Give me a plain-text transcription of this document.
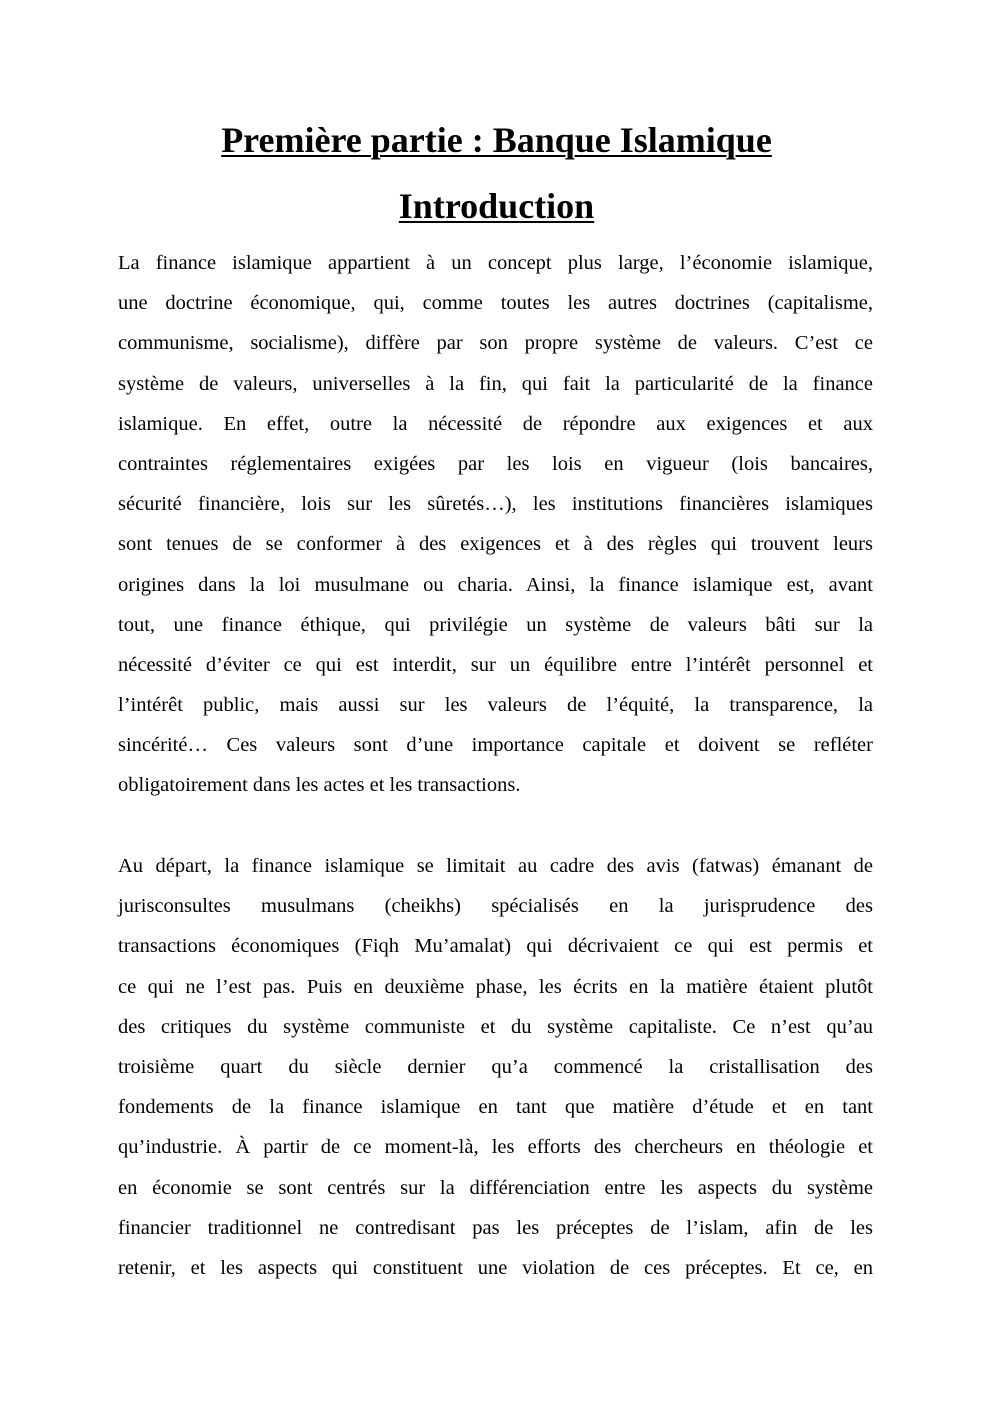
Première partie : Banque Islamique
Introduction
La finance islamique appartient à un concept plus large, l’économie islamique,
une doctrine économique, qui, comme toutes les autres doctrines (capitalisme,
communisme, socialisme), diffère par son propre système de valeurs. C’est ce
système de valeurs, universelles à la fin, qui fait la particularité de la finance
islamique. En effet, outre la nécessité de répondre aux exigences et aux
contraintes réglementaires exigées par les lois en vigueur (lois bancaires,
sécurité financière, lois sur les sûretés…), les institutions financières islamiques
sont tenues de se conformer à des exigences et à des règles qui trouvent leurs
origines dans la loi musulmane ou charia. Ainsi, la finance islamique est, avant
tout, une finance éthique, qui privilégie un système de valeurs bâti sur la
nécessité d’éviter ce qui est interdit, sur un équilibre entre l’intérêt personnel et
l’intérêt public, mais aussi sur les valeurs de l’équité, la transparence, la
sincérité… Ces valeurs sont d’une importance capitale et doivent se refléter
obligatoirement dans les actes et les transactions.
Au départ, la finance islamique se limitait au cadre des avis (fatwas) émanant de
jurisconsultes musulmans (cheikhs) spécialisés en la jurisprudence des
transactions économiques (Fiqh Mu’amalat) qui décrivaient ce qui est permis et
ce qui ne l’est pas. Puis en deuxième phase, les écrits en la matière étaient plutôt
des critiques du système communiste et du système capitaliste. Ce n’est qu’au
troisième quart du siècle dernier qu’a commencé la cristallisation des
fondements de la finance islamique en tant que matière d’étude et en tant
qu’industrie. À partir de ce moment-là, les efforts des chercheurs en théologie et
en économie se sont centrés sur la différenciation entre les aspects du système
financier traditionnel ne contredisant pas les préceptes de l’islam, afin de les
retenir, et les aspects qui constituent une violation de ces préceptes. Et ce, en
